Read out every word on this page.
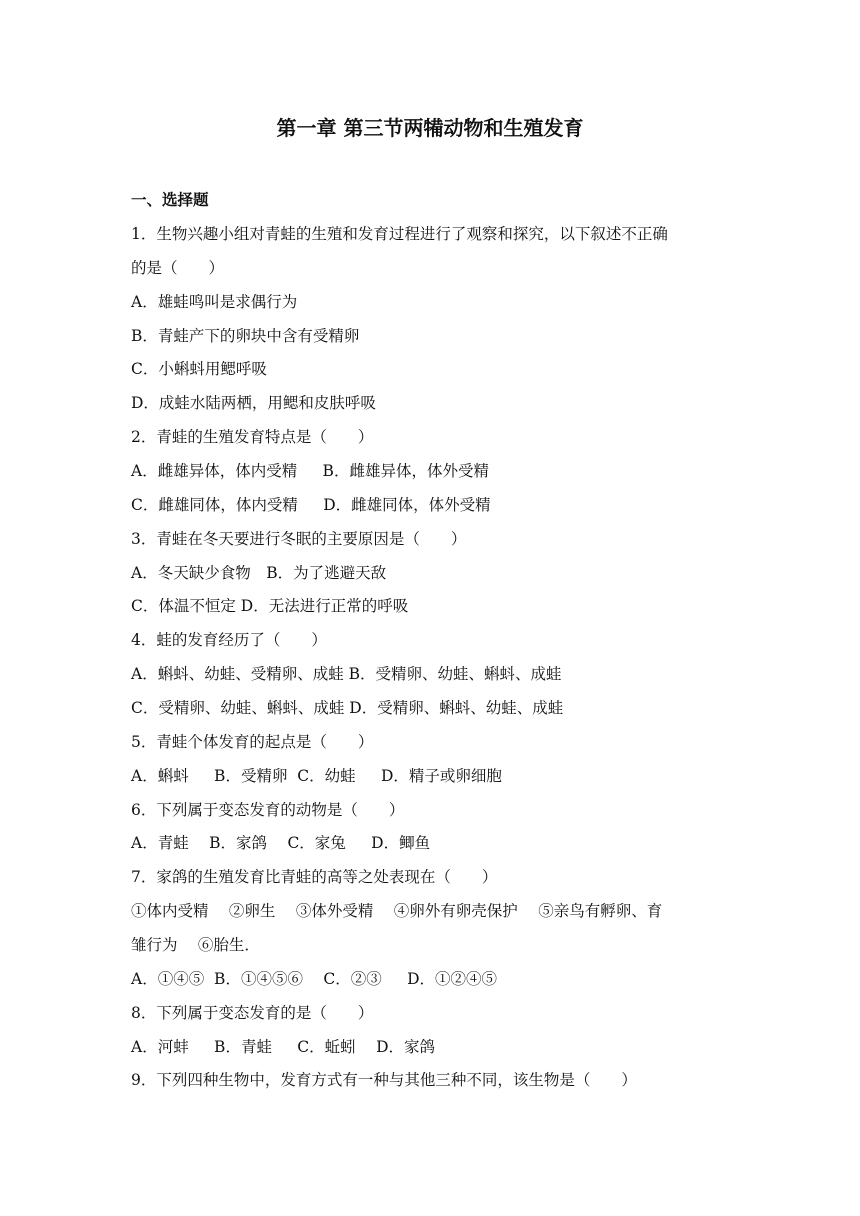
第一章 第三节两犕动物和生殖发育
一、选择题
1．生物兴趣小组对青蛙的生殖和发育过程进行了观察和探究，以下叙述不正确
的是（　　）
A．雄蛙鸣叫是求偶行为
B．青蛙产下的卵块中含有受精卵
C．小蝌蚪用鳃呼吸
D．成蛙水陆两栖，用鳃和皮肤呼吸
2．青蛙的生殖发育特点是（　　）
A．雌雄异体，体内受精　  B．雌雄异体，体外受精
C．雌雄同体，体内受精　  D．雌雄同体，体外受精
3．青蛙在冬天要进行冬眠的主要原因是（　　）
A．冬天缺少食物　B．为了逃避天敌
C．体温不恒定 D．无法进行正常的呼吸
4．蛙的发育经历了（　　）
A．蝌蚪、幼蛙、受精卵、成蛙 B．受精卵、幼蛙、蝌蚪、成蛙
C．受精卵、幼蛙、蝌蚪、成蛙 D．受精卵、蝌蚪、幼蛙、成蛙
5．青蛙个体发育的起点是（　　）
A．蝌蚪　  B．受精卵  C．幼蛙　  D．精子或卵细胞
6．下列属于变态发育的动物是（　　）
A．青蛙　 B．家鸽　 C．家兔　  D．鲫鱼
7．家鸽的生殖发育比青蛙的高等之处表现在（　　）
①体内受精　 ②卵生　 ③体外受精　 ④卵外有卵壳保护　 ⑤亲鸟有孵卵、育
雏行为　 ⑥胎生．
A．①④⑤  B．①④⑤⑥　 C．②③　  D．①②④⑤
8．下列属于变态发育的是（　　）
A．河蚌　  B．青蛙　  C．蚯蚓　 D．家鸽
9．下列四种生物中，发育方式有一种与其他三种不同，该生物是（　　）
